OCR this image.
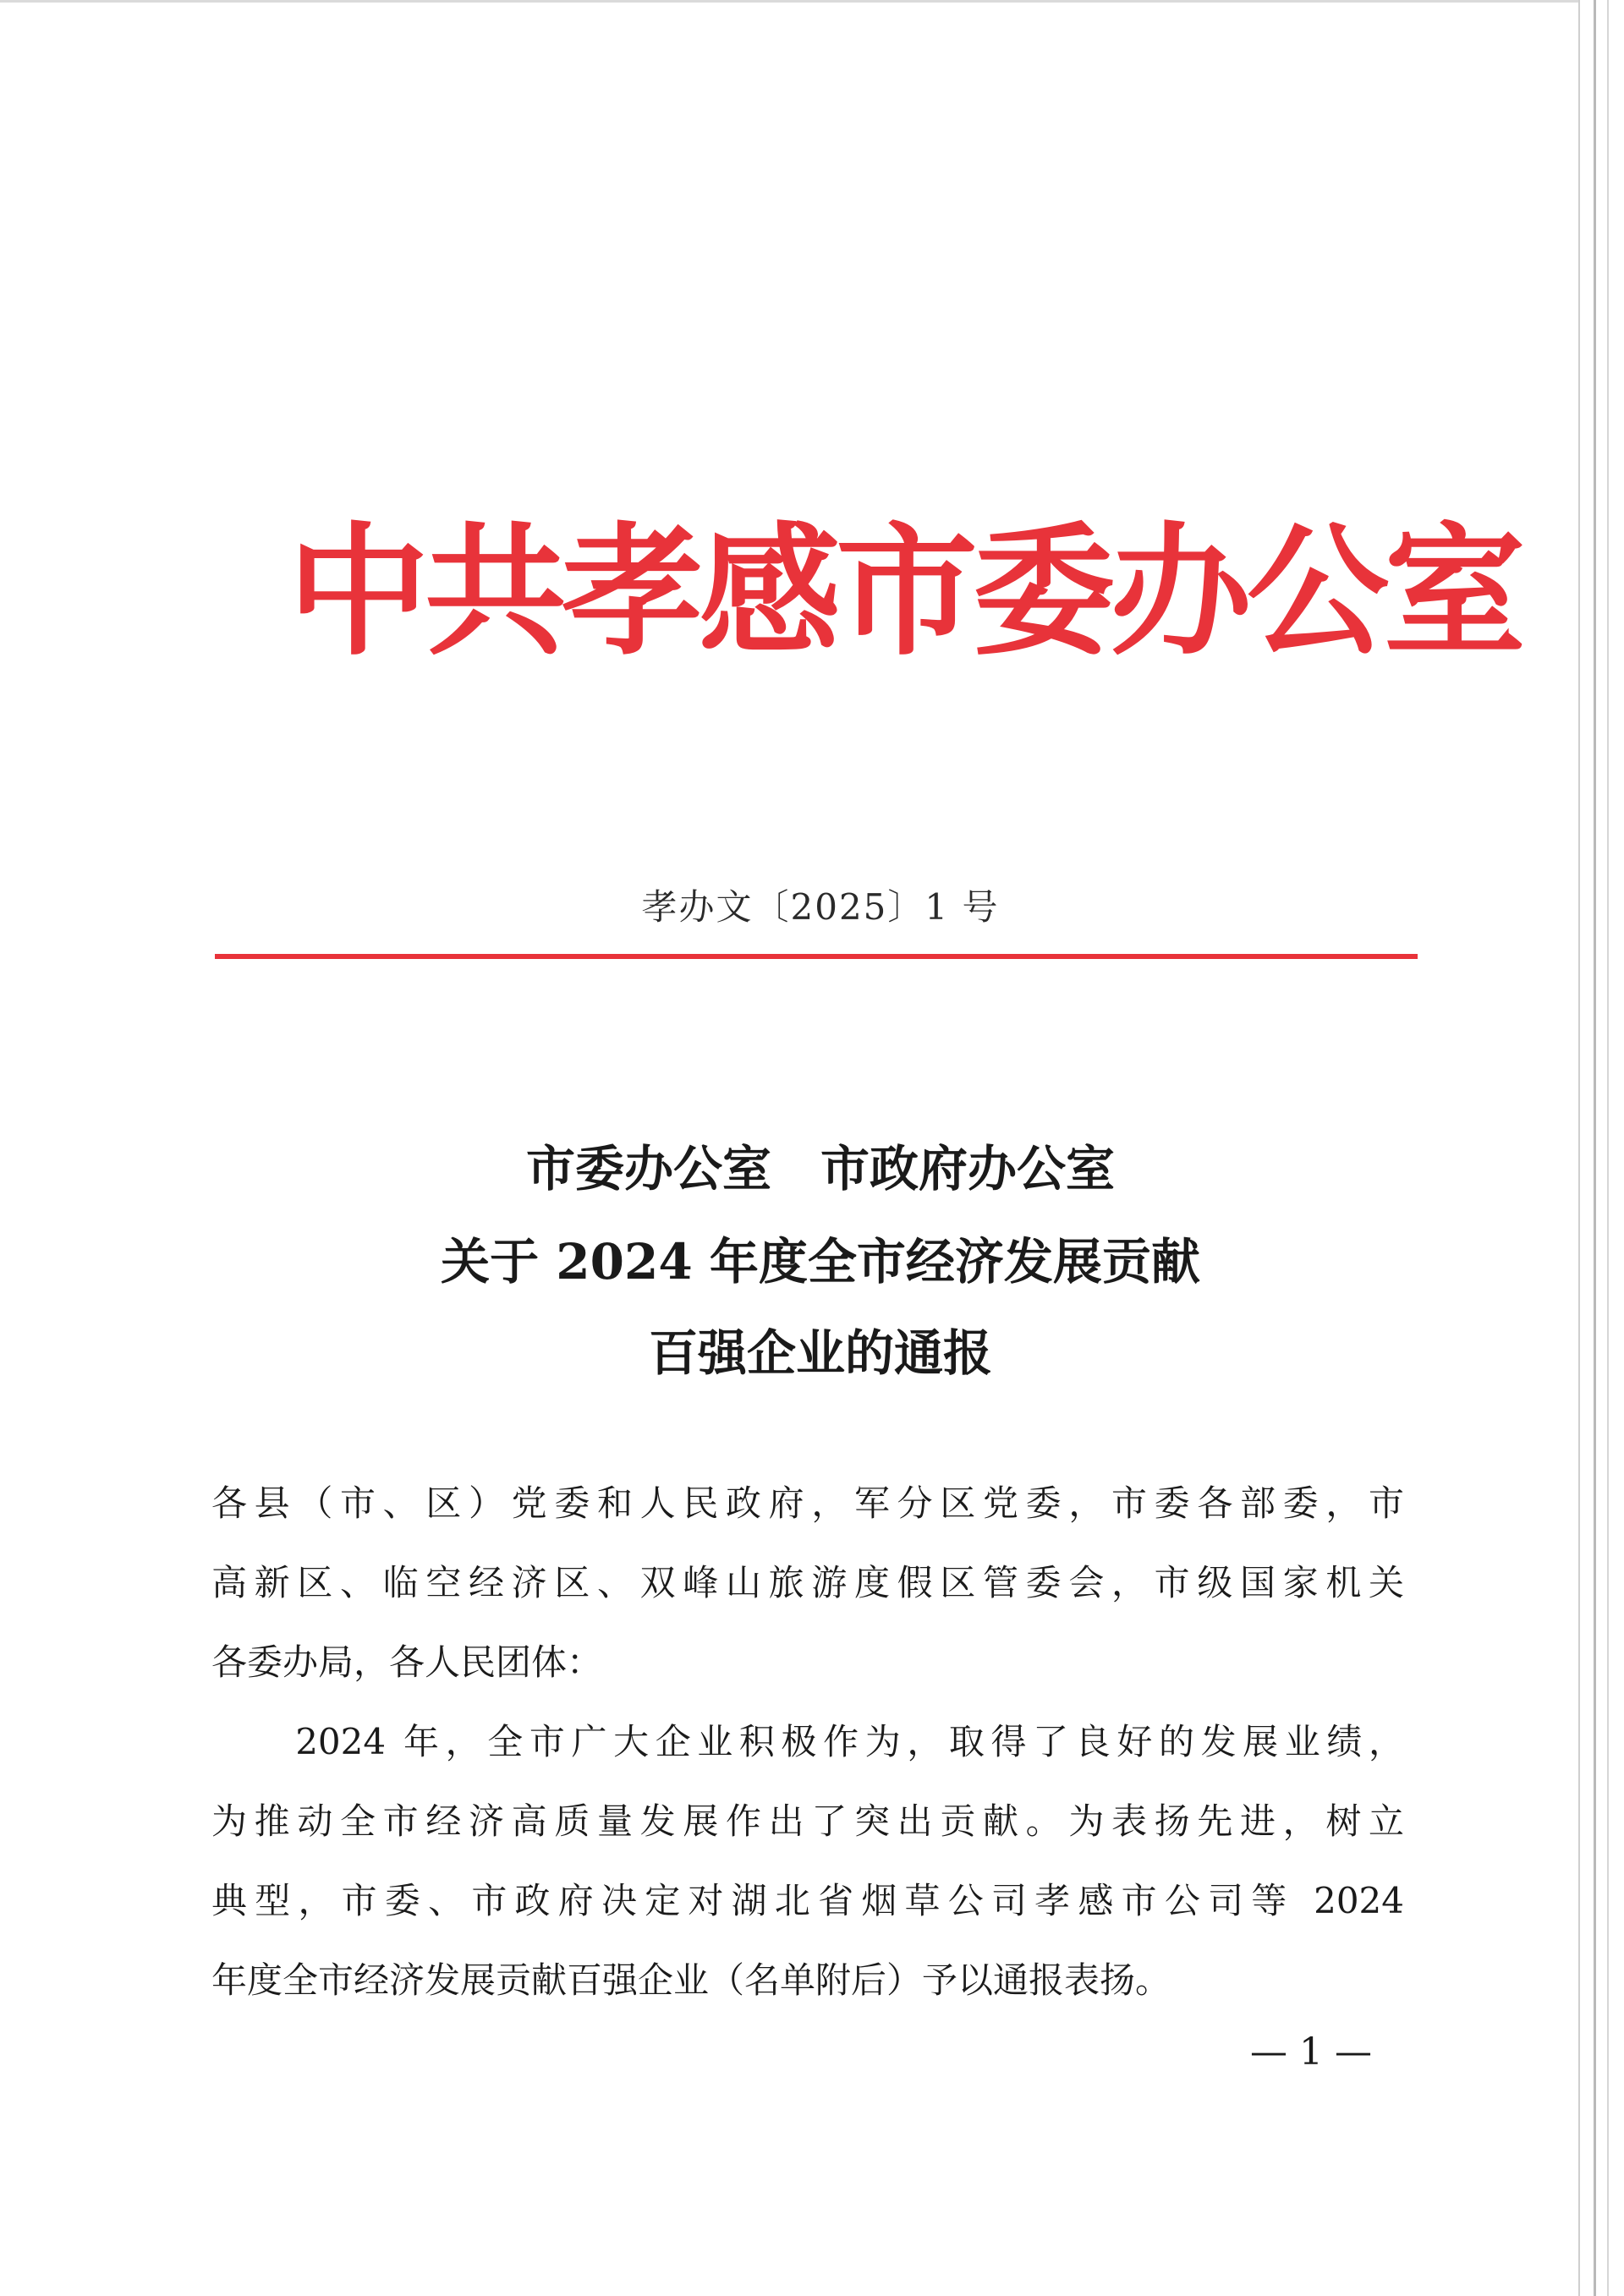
中共孝感市委办公室
孝办文〔2025〕1 号
市委办公室　市政府办公室
关于 2024 年度全市经济发展贡献
百强企业的通报
各县（市、区）党委和人民政府，军分区党委，市委各部委，市
高新区、临空经济区、双峰山旅游度假区管委会，市级国家机关
各委办局，各人民团体：
　　2024 年，全市广大企业积极作为，取得了良好的发展业绩，
为推动全市经济高质量发展作出了突出贡献。为表扬先进，树立
典型，市委、市政府决定对湖北省烟草公司孝感市公司等 2024
年度全市经济发展贡献百强企业（名单附后）予以通报表扬。
— 1 —
